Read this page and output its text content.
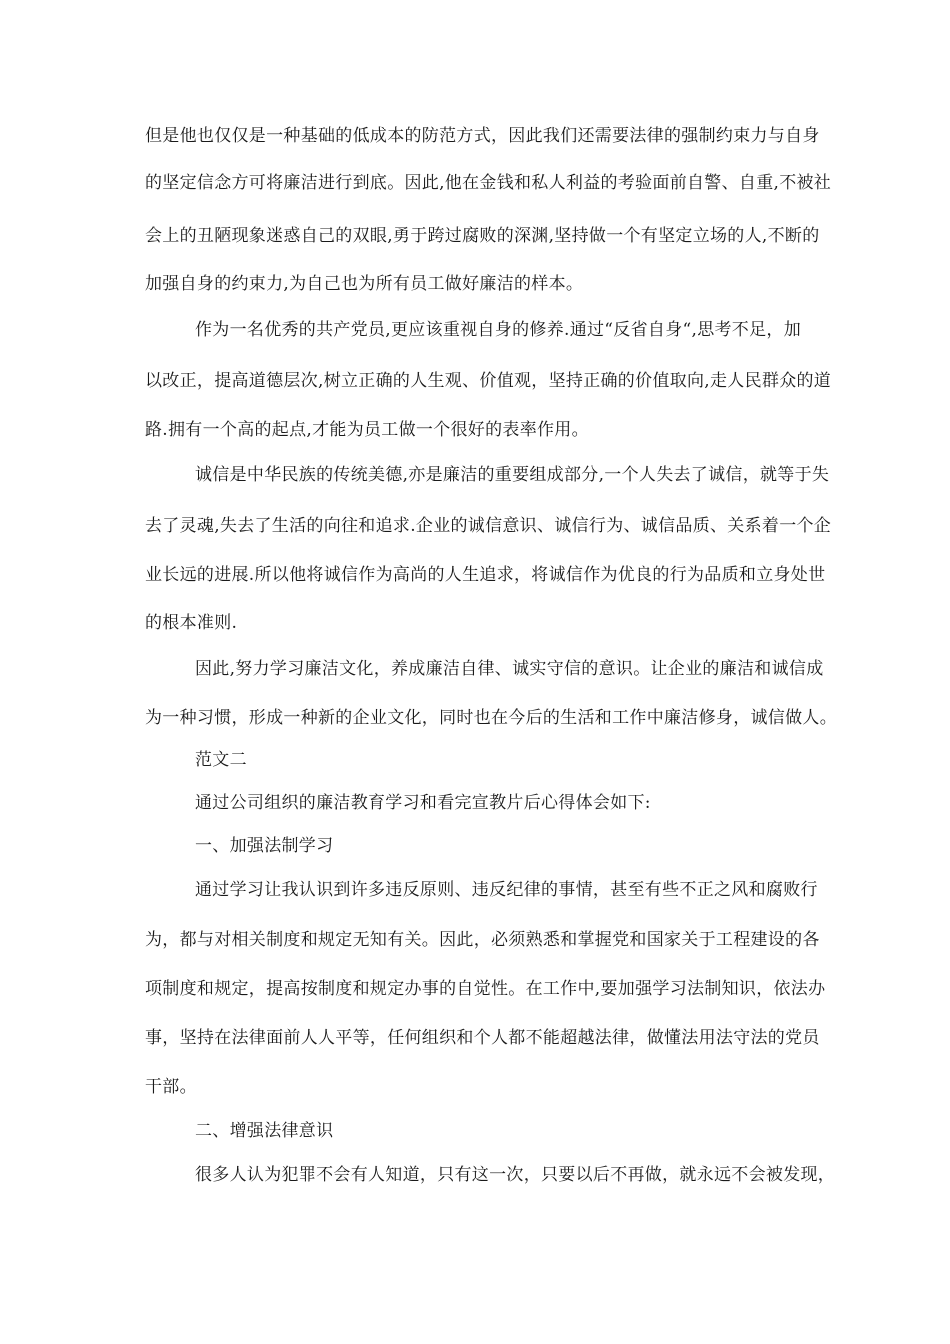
但是他也仅仅是一种基础的低成本的防范方式，因此我们还需要法律的强制约束力与自身
的坚定信念方可将廉洁进行到底。因此,他在金钱和私人利益的考验面前自警、自重,不被社
会上的丑陋现象迷惑自己的双眼,勇于跨过腐败的深渊,坚持做一个有坚定立场的人,不断的
加强自身的约束力,为自己也为所有员工做好廉洁的样本。
作为一名优秀的共产党员,更应该重视自身的修养.通过“反省自身“,思考不足，加
以改正，提高道德层次,树立正确的人生观、价值观，坚持正确的价值取向,走人民群众的道
路.拥有一个高的起点,才能为员工做一个很好的表率作用。
诚信是中华民族的传统美德,亦是廉洁的重要组成部分,一个人失去了诚信，就等于失
去了灵魂,失去了生活的向往和追求.企业的诚信意识、诚信行为、诚信品质、关系着一个企
业长远的进展.所以他将诚信作为高尚的人生追求，将诚信作为优良的行为品质和立身处世
的根本准则.
因此,努力学习廉洁文化，养成廉洁自律、诚实守信的意识。让企业的廉洁和诚信成
为一种习惯，形成一种新的企业文化，同时也在今后的生活和工作中廉洁修身，诚信做人。
范文二
通过公司组织的廉洁教育学习和看完宣教片后心得体会如下:
一、加强法制学习
通过学习让我认识到许多违反原则、违反纪律的事情，甚至有些不正之风和腐败行
为，都与对相关制度和规定无知有关。因此，必须熟悉和掌握党和国家关于工程建设的各
项制度和规定，提高按制度和规定办事的自觉性。在工作中,要加强学习法制知识，依法办
事，坚持在法律面前人人平等，任何组织和个人都不能超越法律，做懂法用法守法的党员
干部。
二、增强法律意识
很多人认为犯罪不会有人知道，只有这一次，只要以后不再做，就永远不会被发现，
